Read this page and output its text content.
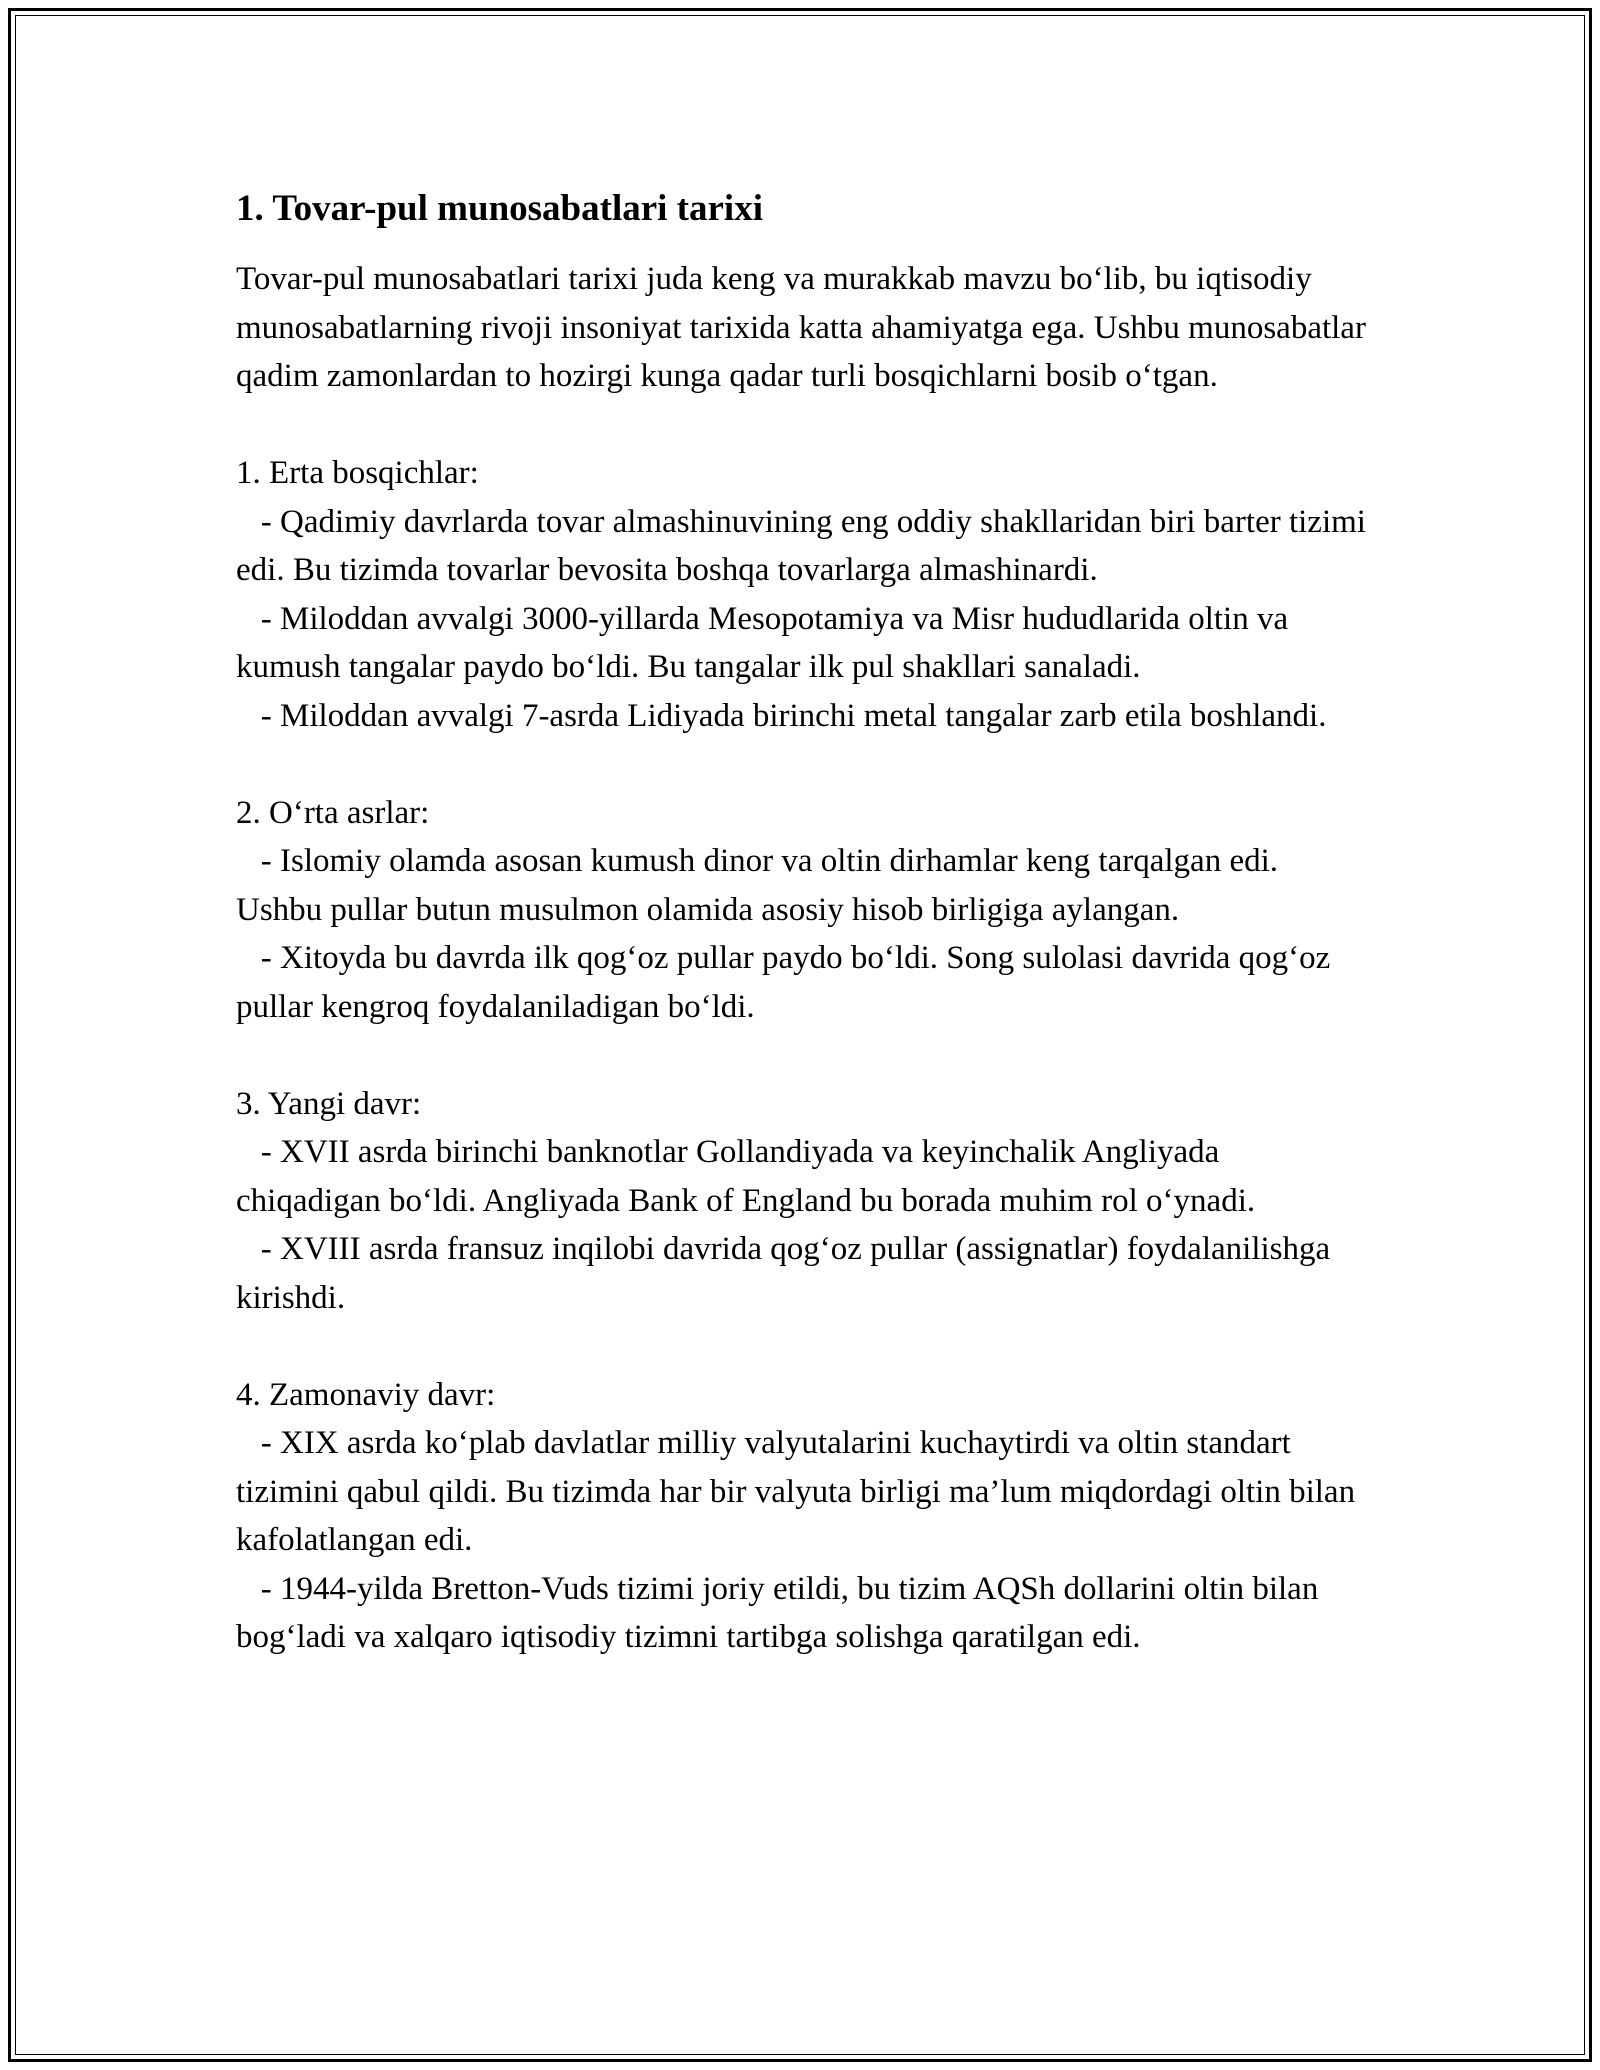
1. Tovar-pul munosabatlari tarixi

Tovar-pul munosabatlari tarixi juda keng va murakkab mavzu bo‘lib, bu iqtisodiy munosabatlarning rivoji insoniyat tarixida katta ahamiyatga ega. Ushbu munosabatlar qadim zamonlardan to hozirgi kunga qadar turli bosqichlarni bosib o‘tgan.

1. Erta bosqichlar:

- Qadimiy davrlarda tovar almashinuvining eng oddiy shakllaridan biri barter tizimi edi. Bu tizimda tovarlar bevosita boshqa tovarlarga almashinardi.

- Miloddan avvalgi 3000-yillarda Mesopotamiya va Misr hududlarida oltin va kumush tangalar paydo bo‘ldi. Bu tangalar ilk pul shakllari sanaladi.

- Miloddan avvalgi 7-asrda Lidiyada birinchi metal tangalar zarb etila boshlandi.

2. O‘rta asrlar:

- Islomiy olamda asosan kumush dinor va oltin dirhamlar keng tarqalgan edi. Ushbu pullar butun musulmon olamida asosiy hisob birligiga aylangan.

- Xitoyda bu davrda ilk qog‘oz pullar paydo bo‘ldi. Song sulolasi davrida qog‘oz pullar kengroq foydalaniladigan bo‘ldi.

3. Yangi davr:

- XVII asrda birinchi banknotlar Gollandiyada va keyinchalik Angliyada chiqadigan bo‘ldi. Angliyada Bank of England bu borada muhim rol o‘ynadi.

- XVIII asrda fransuz inqilobi davrida qog‘oz pullar (assignatlar) foydalanilishga kirishdi.

4. Zamonaviy davr:

- XIX asrda ko‘plab davlatlar milliy valyutalarini kuchaytirdi va oltin standart tizimini qabul qildi. Bu tizimda har bir valyuta birligi ma’lum miqdordagi oltin bilan kafolatlangan edi.

- 1944-yilda Bretton-Vuds tizimi joriy etildi, bu tizim AQSh dollarini oltin bilan bog‘ladi va xalqaro iqtisodiy tizimni tartibga solishga qaratilgan edi.
